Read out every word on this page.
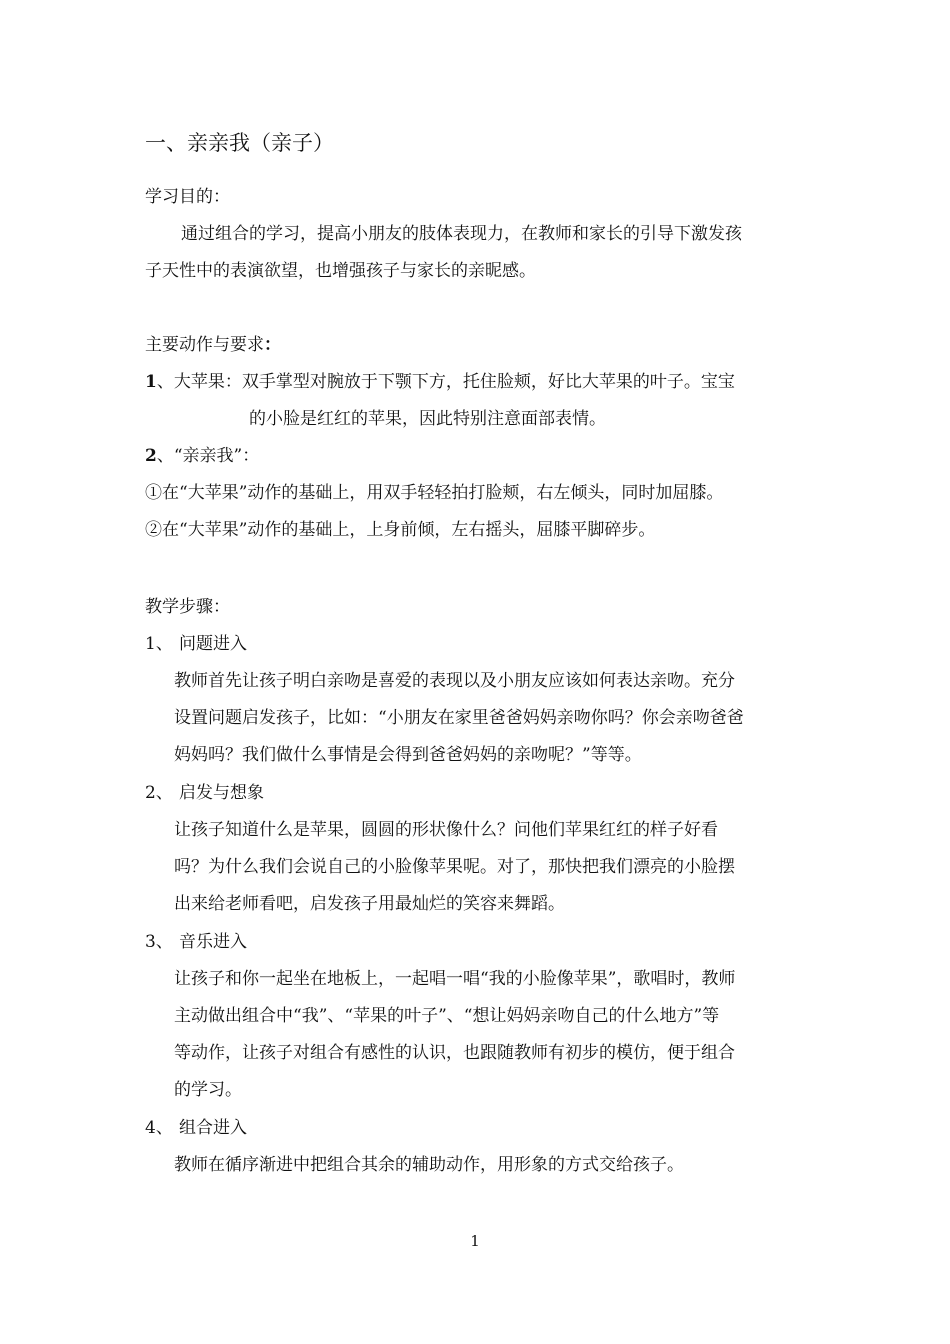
一、亲亲我（亲子）
学习目的：
通过组合的学习，提高小朋友的肢体表现力，在教师和家长的引导下激发孩
子天性中的表演欲望，也增强孩子与家长的亲昵感。
主要动作与要求：
1、大苹果：双手掌型对腕放于下颚下方，托住脸颊，好比大苹果的叶子。宝宝
的小脸是红红的苹果，因此特别注意面部表情。
2、“亲亲我”：
①在“大苹果”动作的基础上，用双手轻轻拍打脸颊，右左倾头，同时加屈膝。
②在“大苹果”动作的基础上，上身前倾，左右摇头，屈膝平脚碎步。
教学步骤：
1、 问题进入
教师首先让孩子明白亲吻是喜爱的表现以及小朋友应该如何表达亲吻。充分
设置问题启发孩子，比如：“小朋友在家里爸爸妈妈亲吻你吗？你会亲吻爸爸
妈妈吗？我们做什么事情是会得到爸爸妈妈的亲吻呢？”等等。
2、 启发与想象
让孩子知道什么是苹果，圆圆的形状像什么？问他们苹果红红的样子好看
吗？为什么我们会说自己的小脸像苹果呢。对了，那快把我们漂亮的小脸摆
出来给老师看吧，启发孩子用最灿烂的笑容来舞蹈。
3、 音乐进入
让孩子和你一起坐在地板上，一起唱一唱“我的小脸像苹果”，歌唱时，教师
主动做出组合中“我”、“苹果的叶子”、“想让妈妈亲吻自己的什么地方”等
等动作，让孩子对组合有感性的认识，也跟随教师有初步的模仿，便于组合
的学习。
4、 组合进入
教师在循序渐进中把组合其余的辅助动作，用形象的方式交给孩子。
1
